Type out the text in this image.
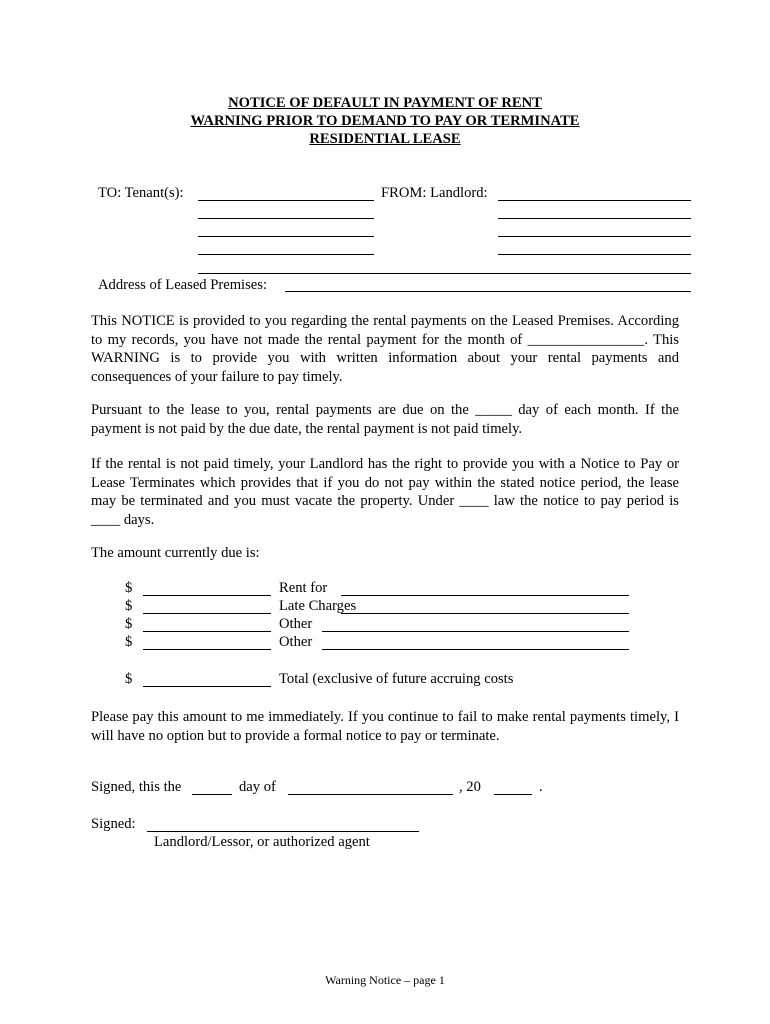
NOTICE OF DEFAULT IN PAYMENT OF RENT
WARNING PRIOR TO DEMAND TO PAY OR TERMINATE
RESIDENTIAL LEASE
TO: Tenant(s):	FROM: Landlord:
Address of Leased Premises:
This NOTICE is provided to you regarding the rental payments on the Leased Premises. According to my records, you have not made the rental payment for the month of ________________. This WARNING is to provide you with written information about your rental payments and consequences of your failure to pay timely.
Pursuant to the lease to you, rental payments are due on the _____ day of each month. If the payment is not paid by the due date, the rental payment is not paid timely.
If the rental is not paid timely, your Landlord has the right to provide you with a Notice to Pay or Lease Terminates which provides that if you do not pay within the stated notice period, the lease may be terminated and you must vacate the property. Under ____ law the notice to pay period is ____ days.
The amount currently due is:
$	Rent for
$	Late Charges
$	Other
$	Other
$	Total (exclusive of future accruing costs
Please pay this amount to me immediately. If you continue to fail to make rental payments timely, I will have no option but to provide a formal notice to pay or terminate.
Signed, this the	day of	, 20	.
Signed:
Landlord/Lessor, or authorized agent
Warning Notice – page 1
